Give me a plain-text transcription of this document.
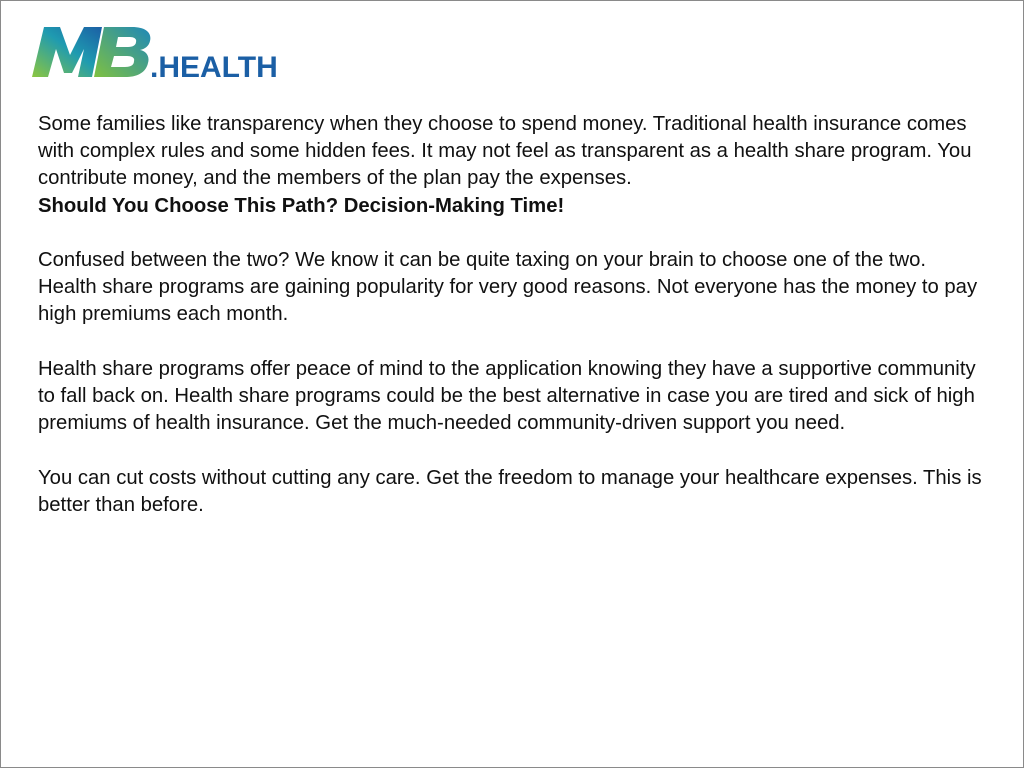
.HEALTH

Some families like transparency when they choose to spend money. Traditional health insurance comes with complex rules and some hidden fees. It may not feel as transparent as a health share program. You contribute money, and the members of the plan pay the expenses.

Should You Choose This Path? Decision-Making Time!

Confused between the two? We know it can be quite taxing on your brain to choose one of the two. Health share programs are gaining popularity for very good reasons. Not everyone has the money to pay high premiums each month.

Health share programs offer peace of mind to the application knowing they have a supportive community to fall back on. Health share programs could be the best alternative in case you are tired and sick of high premiums of health insurance. Get the much-needed community-driven support you need.

You can cut costs without cutting any care. Get the freedom to manage your healthcare expenses. This is better than before.
